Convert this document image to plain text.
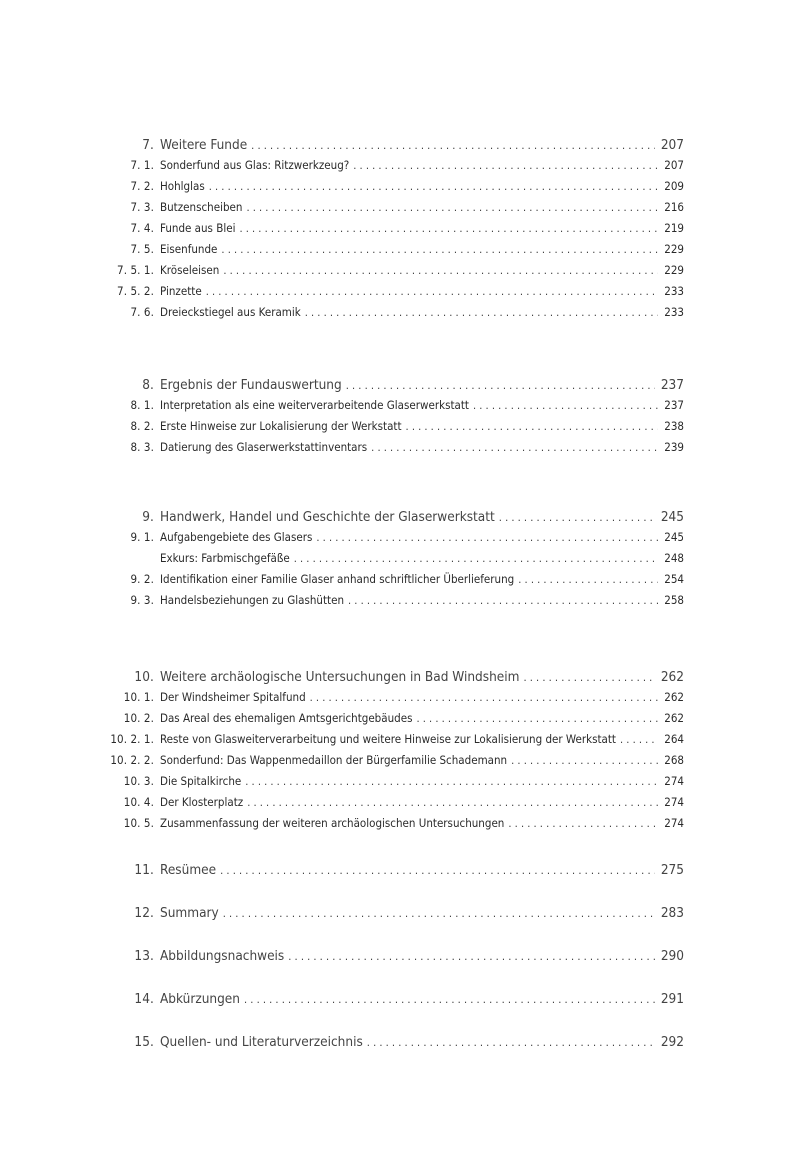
7. Weitere Funde . . .	207
7. 1. Sonderfund aus Glas: Ritzwerkzeug? . . .	207
7. 2. Hohlglas . . .	209
7. 3. Butzenscheiben . . .	216
7. 4. Funde aus Blei . . .	219
7. 5. Eisenfunde . . .	229
7. 5. 1. Kröseleisen . . .	229
7. 5. 2. Pinzette . . .	233
7. 6. Dreieckstiegel aus Keramik . . .	233
8. Ergebnis der Fundauswertung . . .	237
8. 1. Interpretation als eine weiterverarbeitende Glaserwerkstatt . . .	237
8. 2. Erste Hinweise zur Lokalisierung der Werkstatt . . .	238
8. 3. Datierung des Glaserwerkstattinventars . . .	239
9. Handwerk, Handel und Geschichte der Glaserwerkstatt . . .	245
9. 1. Aufgabengebiete des Glasers . . .	245
Exkurs: Farbmischgefäße . . .	248
9. 2. Identifikation einer Familie Glaser anhand schriftlicher Überlieferung . . .	254
9. 3. Handelsbeziehungen zu Glashütten . . .	258
10. Weitere archäologische Untersuchungen in Bad Windsheim . . .	262
10. 1. Der Windsheimer Spitalfund . . .	262
10. 2. Das Areal des ehemaligen Amtsgerichtgebäudes . . .	262
10. 2. 1. Reste von Glasweiterverarbeitung und weitere Hinweise zur Lokalisierung der Werkstatt . . .	264
10. 2. 2. Sonderfund: Das Wappenmedaillon der Bürgerfamilie Schademann . . .	268
10. 3. Die Spitalkirche . . .	274
10. 4. Der Klosterplatz . . .	274
10. 5. Zusammenfassung der weiteren archäologischen Untersuchungen . . .	274
11. Resümee . . .	275
12. Summary . . .	283
13. Abbildungsnachweis . . .	290
14. Abkürzungen . . .	291
15. Quellen- und Literaturverzeichnis . . .	292
